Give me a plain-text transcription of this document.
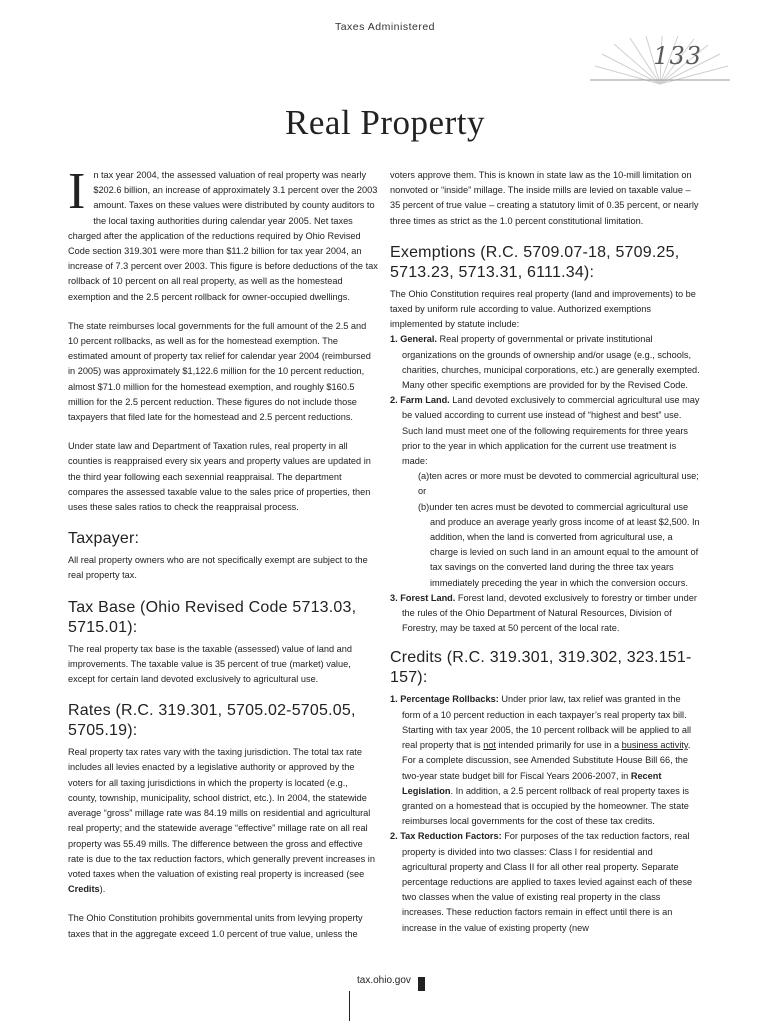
Taxes Administered
133
Real Property

In tax year 2004, the assessed valuation of real property was nearly $202.6 billion, an increase of approximately 3.1 percent over the 2003 amount. Taxes on these values were distributed by county auditors to the local taxing authorities during calendar year 2005. Net taxes charged after the application of the reductions required by Ohio Revised Code section 319.301 were more than $11.2 billion for tax year 2004, an increase of 7.3 percent over 2003. This figure is before deductions of the tax rollback of 10 percent on all real property, as well as the homestead exemption and the 2.5 percent rollback for owner-occupied dwellings.

The state reimburses local governments for the full amount of the 2.5 and 10 percent rollbacks, as well as for the homestead exemption. The estimated amount of property tax relief for calendar year 2004 (reimbursed in 2005) was approximately $1,122.6 million for the 10 percent reduction, almost $71.0 million for the homestead exemption, and roughly $160.5 million for the 2.5 percent reduction. These figures do not include those taxpayers that filed late for the homestead and 2.5 percent reductions.

Under state law and Department of Taxation rules, real property in all counties is reappraised every six years and property values are updated in the third year following each sexennial reappraisal. The department compares the assessed taxable value to the sales price of properties, then uses these sales ratios to check the reappraisal process.

Taxpayer:

All real property owners who are not specifically exempt are subject to the real property tax.

Tax Base (Ohio Revised Code 5713.03, 5715.01):

The real property tax base is the taxable (assessed) value of land and improvements. The taxable value is 35 percent of true (market) value, except for certain land devoted exclusively to agricultural use.

Rates (R.C. 319.301, 5705.02-5705.05, 5705.19):

Real property tax rates vary with the taxing jurisdiction. The total tax rate includes all levies enacted by a legislative authority or approved by the voters for all taxing jurisdictions in which the property is located (e.g., county, township, municipality, school district, etc.). In 2004, the statewide average “gross” millage rate was 84.19 mills on residential and agricultural real property; and the statewide average “effective” millage rate on all real property was 55.49 mills. The difference between the gross and effective rate is due to the tax reduction factors, which generally prevent increases in voted taxes when the valuation of existing real property is increased (see Credits).

The Ohio Constitution prohibits governmental units from levying property taxes that in the aggregate exceed 1.0 percent of true value, unless the

voters approve them. This is known in state law as the 10-mill limitation on nonvoted or “inside” millage. The inside mills are levied on taxable value – 35 percent of true value – creating a statutory limit of 0.35 percent, or nearly three times as strict as the 1.0 percent constitutional limitation.

Exemptions (R.C. 5709.07-18, 5709.25, 5713.23, 5713.31, 6111.34):

The Ohio Constitution requires real property (land and improvements) to be taxed by uniform rule according to value. Authorized exemptions implemented by statute include:

1. General. Real property of governmental or private institutional organizations on the grounds of ownership and/or usage (e.g., schools, charities, churches, municipal corporations, etc.) are generally exempted. Many other specific exemptions are provided for by the Revised Code.
2. Farm Land. Land devoted exclusively to commercial agricultural use may be valued according to current use instead of “highest and best” use. Such land must meet one of the following requirements for three years prior to the year in which application for the current use treatment is made:
(a)ten acres or more must be devoted to commercial agricultural use;
or
(b)under ten acres must be devoted to commercial agricultural use and produce an average yearly gross income of at least $2,500. In addition, when the land is converted from agricultural use, a charge is levied on such land in an amount equal to the amount of tax savings on the converted land during the three tax years immediately preceding the year in which the conversion occurs.
3. Forest Land. Forest land, devoted exclusively to forestry or timber under the rules of the Ohio Department of Natural Resources, Division of Forestry, may be taxed at 50 percent of the local rate.
Credits (R.C. 319.301, 319.302, 323.151-157):
1. Percentage Rollbacks: Under prior law, tax relief was granted in the form of a 10 percent reduction in each taxpayer’s real property tax bill. Starting with tax year 2005, the 10 percent rollback will be applied to all real property that is not intended primarily for use in a business activity. For a complete discussion, see Amended Substitute House Bill 66, the two-year state budget bill for Fiscal Years 2006-2007, in Recent Legislation. In addition, a 2.5 percent rollback of real property taxes is granted on a homestead that is occupied by the homeowner. The state reimburses local governments for the cost of these tax credits.
2. Tax Reduction Factors: For purposes of the tax reduction factors, real property is divided into two classes: Class I for residential and agricultural property and Class II for all other real property. Separate percentage reductions are applied to taxes levied against each of these two classes when the value of existing real property in the class increases. These reduction factors remain in effect until there is an increase in the value of existing property (new
tax.ohio.gov
